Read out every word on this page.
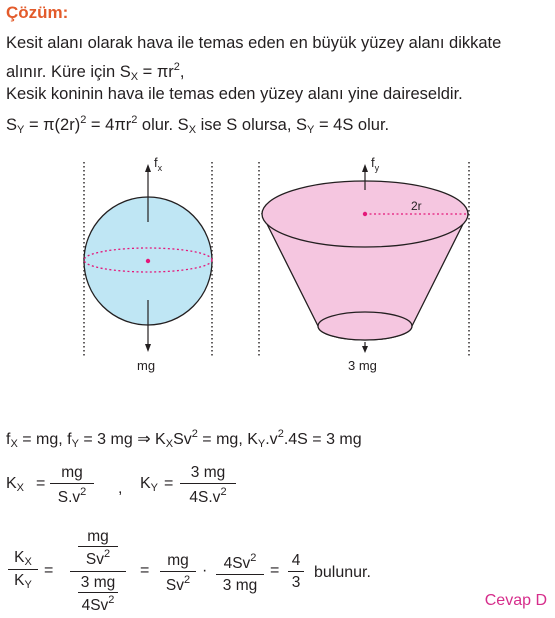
Çözüm:
Kesit alanı olarak hava ile temas eden en büyük yüzey alanı dikkate
alınır. Küre için $S_X = \pi r^2$,
Kesik koninin hava ile temas eden yüzey alanı yine daireseldir.
$S_Y = \pi(2r)^2 = 4\pi r^2$ olur. $S_X$ ise S olursa, $S_Y = 4S$ olur.
$f_x$
mg
2r
$f_y$
3 mg
$f_X$ = mg, $f_Y = 3$ mg ⇒ $K_XSv^2$ = mg, $K_Y.v^2.4S = 3$ mg
$K_X$ =
mg
$S.v^2$	, $K_Y$ =
3 mg
$4S.v^2$
$K_X$
$K_Y$
=
mg
Sv$^2$
3 mg
$4Sv^2$
=
mg
$Sv^2$
·	$4Sv^2$
3 mg
=
4
3
bulunur.
Cevap D
